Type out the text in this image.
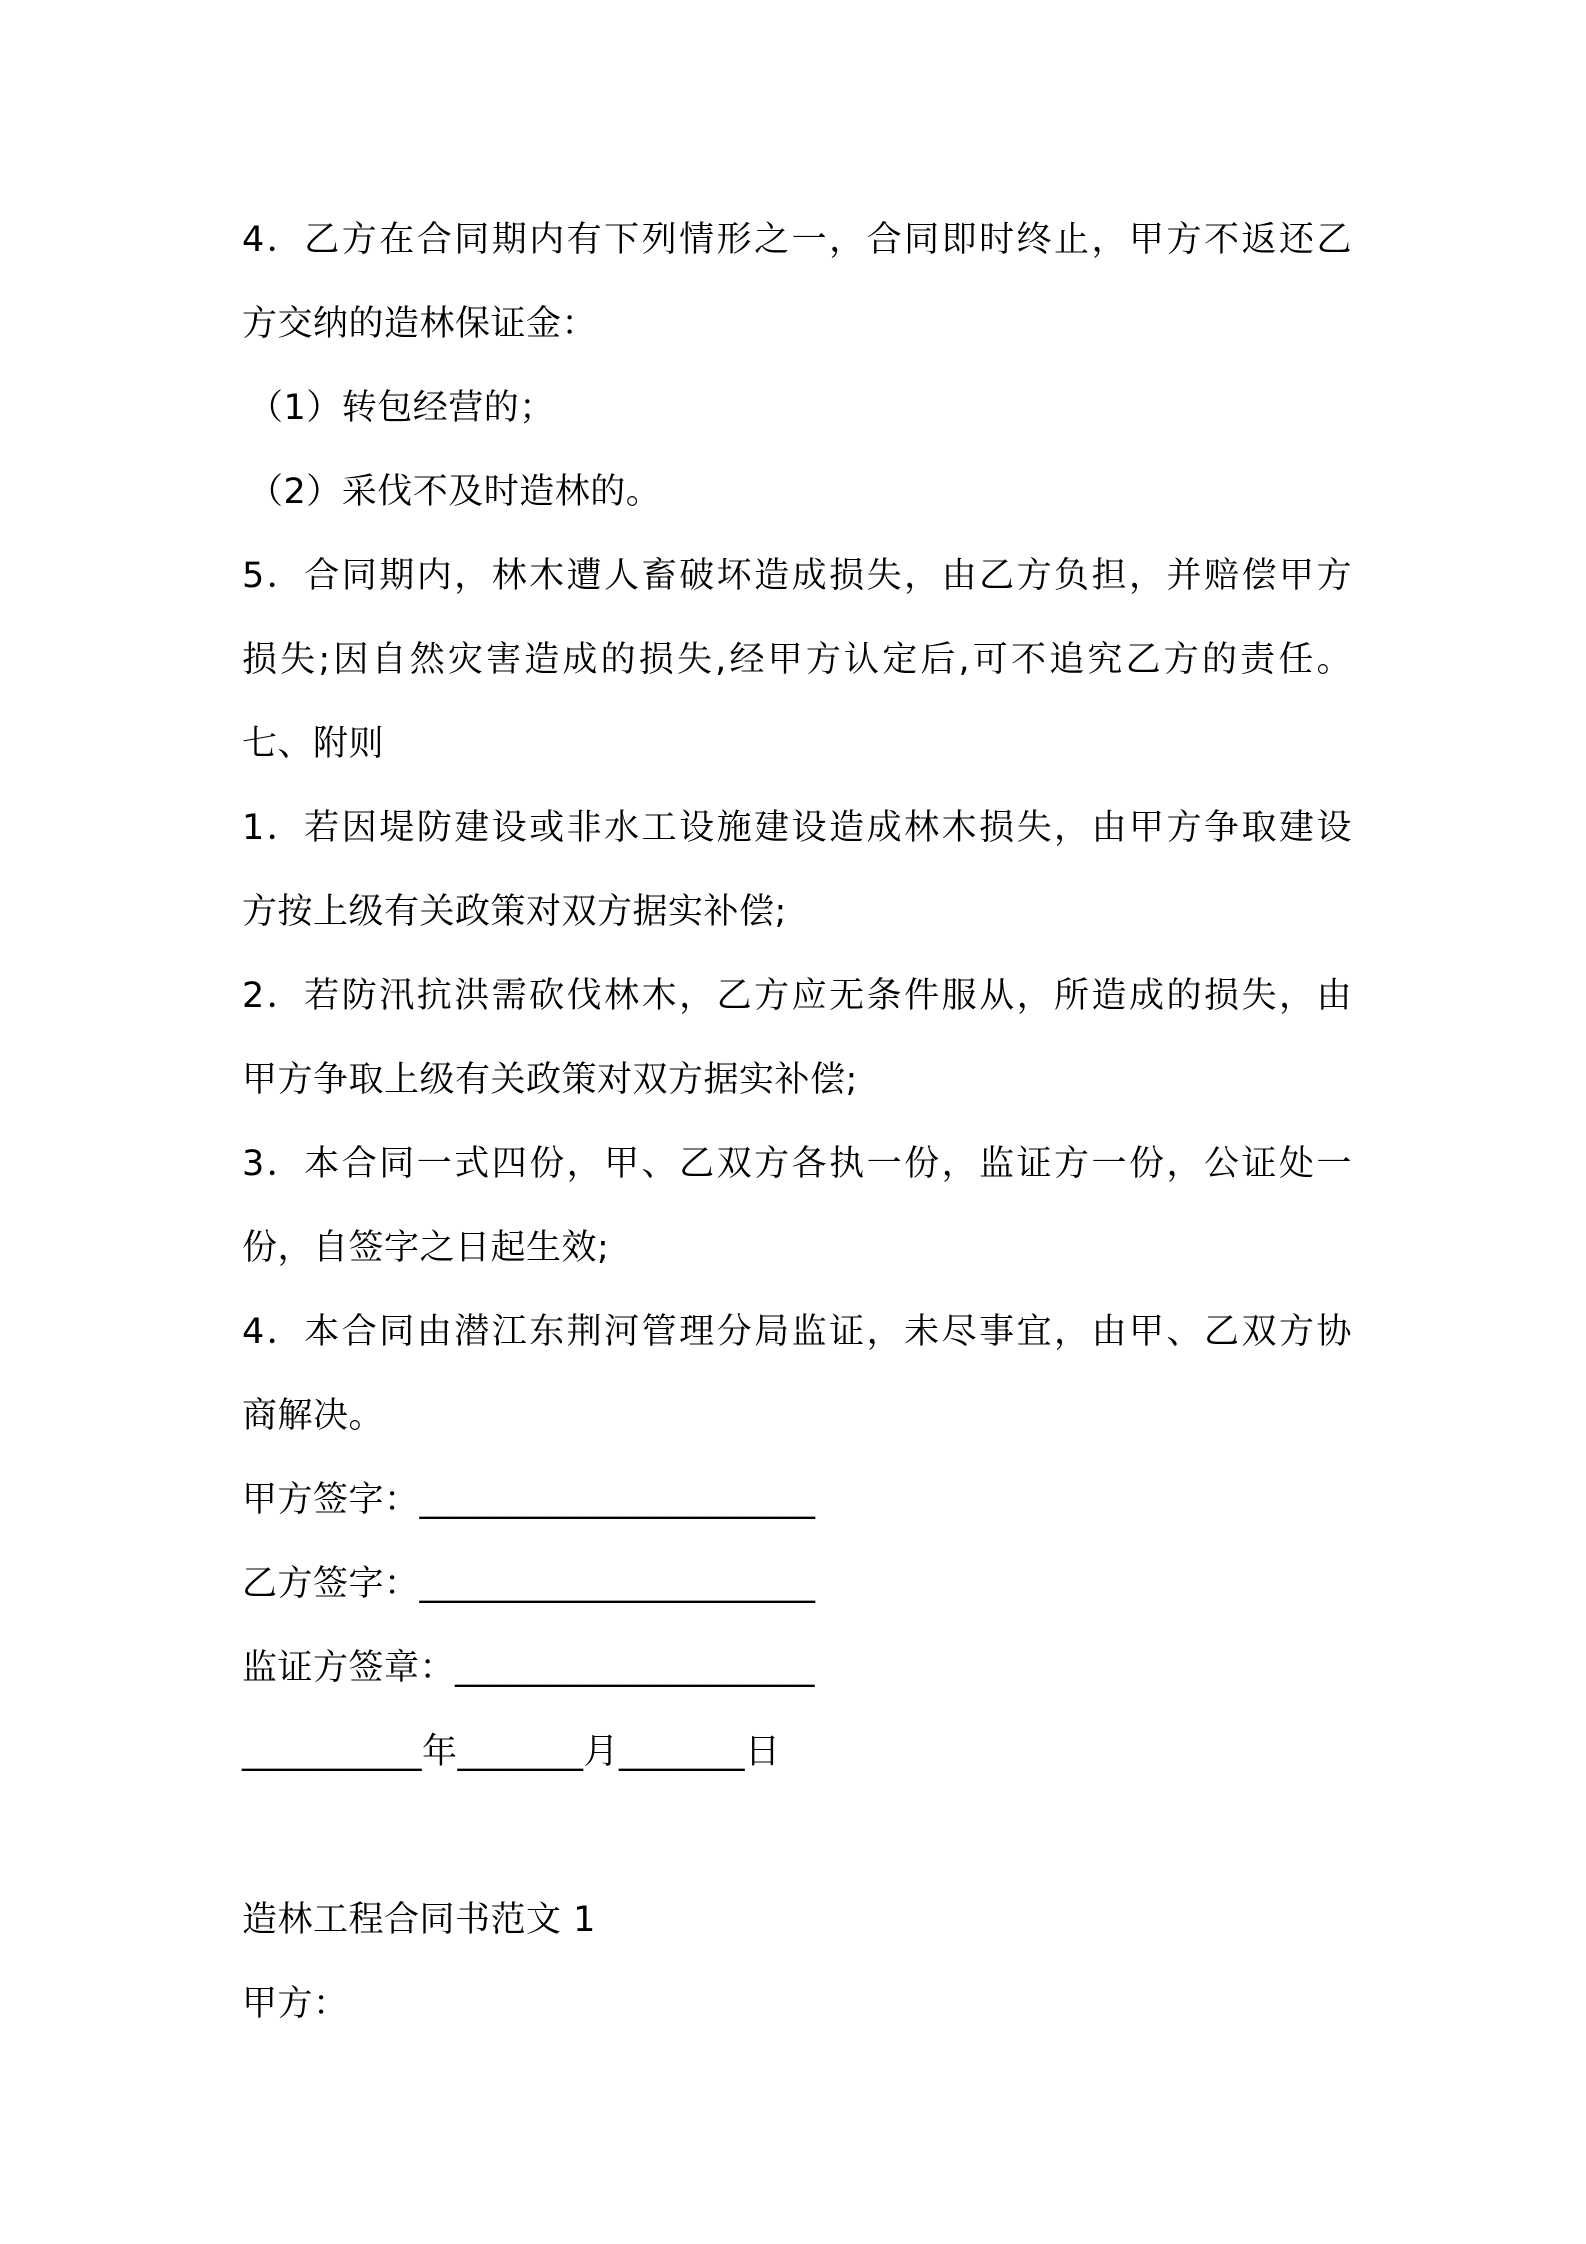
4．乙方在合同期内有下列情形之一，合同即时终止，甲方不返还乙
方交纳的造林保证金：
（1）转包经营的；
（2）采伐不及时造林的。
5．合同期内，林木遭人畜破坏造成损失，由乙方负担，并赔偿甲方
损失;因自然灾害造成的损失,经甲方认定后,可不追究乙方的责任。
七、附则
1．若因堤防建设或非水工设施建设造成林木损失，由甲方争取建设
方按上级有关政策对双方据实补偿;
2．若防汛抗洪需砍伐林木，乙方应无条件服从，所造成的损失，由
甲方争取上级有关政策对双方据实补偿;
3．本合同一式四份，甲、乙双方各执一份，监证方一份，公证处一
份，自签字之日起生效;
4．本合同由潜江东荆河管理分局监证，未尽事宜，由甲、乙双方协
商解决。
甲方签字：______________________
乙方签字：______________________
监证方签章：____________________
__________年_______月_______日
造林工程合同书范文 1
甲方：
